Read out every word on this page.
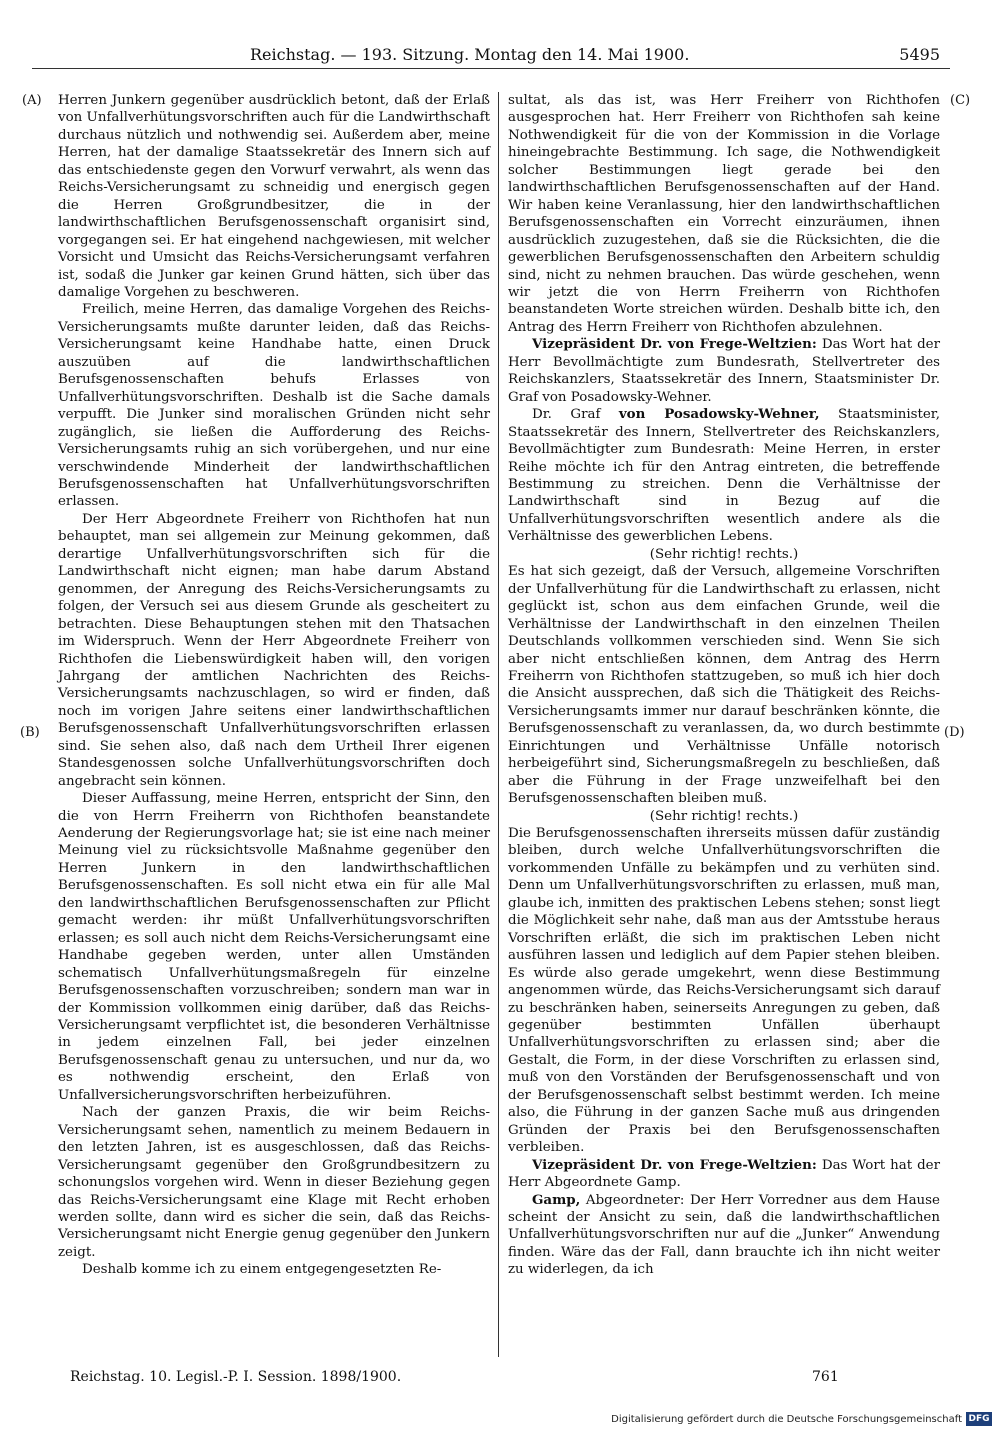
Reichstag. — 193. Sitzung. Montag den 14. Mai 1900.	5495
(A)
(B)
(C)
(D)

Herren Junkern gegenüber ausdrücklich betont, daß der Erlaß von Unfallverhütungsvorschriften auch für die Landwirthschaft durchaus nützlich und nothwendig sei. Außerdem aber, meine Herren, hat der damalige Staatssekretär des Innern sich auf das entschiedenste gegen den Vorwurf verwahrt, als wenn das Reichs-Versicherungsamt zu schneidig und energisch gegen die Herren Großgrundbesitzer, die in der landwirthschaftlichen Berufsgenossenschaft organisirt sind, vorgegangen sei. Er hat eingehend nachgewiesen, mit welcher Vorsicht und Umsicht das Reichs-Versicherungsamt verfahren ist, sodaß die Junker gar keinen Grund hätten, sich über das damalige Vorgehen zu beschweren.

Freilich, meine Herren, das damalige Vorgehen des Reichs-Versicherungsamts mußte darunter leiden, daß das Reichs-Versicherungsamt keine Handhabe hatte, einen Druck auszuüben auf die landwirthschaftlichen Berufsgenossenschaften behufs Erlasses von Unfallverhütungsvorschriften. Deshalb ist die Sache damals verpufft. Die Junker sind moralischen Gründen nicht sehr zugänglich, sie ließen die Aufforderung des Reichs-Versicherungsamts ruhig an sich vorübergehen, und nur eine verschwindende Minderheit der landwirthschaftlichen Berufsgenossenschaften hat Unfallverhütungsvorschriften erlassen.

Der Herr Abgeordnete Freiherr von Richthofen hat nun behauptet, man sei allgemein zur Meinung gekommen, daß derartige Unfallverhütungsvorschriften sich für die Landwirthschaft nicht eignen; man habe darum Abstand genommen, der Anregung des Reichs-Versicherungsamts zu folgen, der Versuch sei aus diesem Grunde als gescheitert zu betrachten. Diese Behauptungen stehen mit den Thatsachen im Widerspruch. Wenn der Herr Abgeordnete Freiherr von Richthofen die Liebenswürdigkeit haben will, den vorigen Jahrgang der amtlichen Nachrichten des Reichs-Versicherungsamts nachzuschlagen, so wird er finden, daß noch im vorigen Jahre seitens einer landwirthschaftlichen Berufsgenossenschaft Unfallverhütungsvorschriften erlassen sind. Sie sehen also, daß nach dem Urtheil Ihrer eigenen Standesgenossen solche Unfallverhütungsvorschriften doch angebracht sein können.

Dieser Auffassung, meine Herren, entspricht der Sinn, den die von Herrn Freiherrn von Richthofen beanstandete Aenderung der Regierungsvorlage hat; sie ist eine nach meiner Meinung viel zu rücksichtsvolle Maßnahme gegenüber den Herren Junkern in den landwirthschaftlichen Berufsgenossenschaften. Es soll nicht etwa ein für alle Mal den landwirthschaftlichen Berufsgenossenschaften zur Pflicht gemacht werden: ihr müßt Unfallverhütungsvorschriften erlassen; es soll auch nicht dem Reichs-Versicherungsamt eine Handhabe gegeben werden, unter allen Umständen schematisch Unfallverhütungsmaßregeln für einzelne Berufsgenossenschaften vorzuschreiben; sondern man war in der Kommission vollkommen einig darüber, daß das Reichs-Versicherungsamt verpflichtet ist, die besonderen Verhältnisse in jedem einzelnen Fall, bei jeder einzelnen Berufsgenossenschaft genau zu untersuchen, und nur da, wo es nothwendig erscheint, den Erlaß von Unfallversicherungsvorschriften herbeizuführen.

Nach der ganzen Praxis, die wir beim Reichs-Versicherungsamt sehen, namentlich zu meinem Bedauern in den letzten Jahren, ist es ausgeschlossen, daß das Reichs-Versicherungsamt gegenüber den Großgrundbesitzern zu schonungslos vorgehen wird. Wenn in dieser Beziehung gegen das Reichs-Versicherungsamt eine Klage mit Recht erhoben werden sollte, dann wird es sicher die sein, daß das Reichs-Versicherungsamt nicht Energie genug gegenüber den Junkern zeigt.

Deshalb komme ich zu einem entgegengesetzten Re-

sultat, als das ist, was Herr Freiherr von Richthofen ausgesprochen hat. Herr Freiherr von Richthofen sah keine Nothwendigkeit für die von der Kommission in die Vorlage hineingebrachte Bestimmung. Ich sage, die Nothwendigkeit solcher Bestimmungen liegt gerade bei den landwirthschaftlichen Berufsgenossenschaften auf der Hand. Wir haben keine Veranlassung, hier den landwirthschaftlichen Berufsgenossenschaften ein Vorrecht einzuräumen, ihnen ausdrücklich zuzugestehen, daß sie die Rücksichten, die die gewerblichen Berufsgenossenschaften den Arbeitern schuldig sind, nicht zu nehmen brauchen. Das würde geschehen, wenn wir jetzt die von Herrn Freiherrn von Richthofen beanstandeten Worte streichen würden. Deshalb bitte ich, den Antrag des Herrn Freiherr von Richthofen abzulehnen.

Vizepräsident Dr. von Frege-Weltzien: Das Wort hat der Herr Bevollmächtigte zum Bundesrath, Stellvertreter des Reichskanzlers, Staatssekretär des Innern, Staatsminister Dr. Graf von Posadowsky-Wehner.

Dr. Graf von Posadowsky-Wehner, Staatsminister, Staatssekretär des Innern, Stellvertreter des Reichskanzlers, Bevollmächtigter zum Bundesrath: Meine Herren, in erster Reihe möchte ich für den Antrag eintreten, die betreffende Bestimmung zu streichen. Denn die Verhältnisse der Landwirthschaft sind in Bezug auf die Unfallverhütungsvorschriften wesentlich andere als die Verhältnisse des gewerblichen Lebens.

(Sehr richtig! rechts.)

Es hat sich gezeigt, daß der Versuch, allgemeine Vorschriften der Unfallverhütung für die Landwirthschaft zu erlassen, nicht geglückt ist, schon aus dem einfachen Grunde, weil die Verhältnisse der Landwirthschaft in den einzelnen Theilen Deutschlands vollkommen verschieden sind. Wenn Sie sich aber nicht entschließen können, dem Antrag des Herrn Freiherrn von Richthofen stattzugeben, so muß ich hier doch die Ansicht aussprechen, daß sich die Thätigkeit des Reichs-Versicherungsamts immer nur darauf beschränken könnte, die Berufsgenossenschaft zu veranlassen, da, wo durch bestimmte Einrichtungen und Verhältnisse Unfälle notorisch herbeigeführt sind, Sicherungsmaßregeln zu beschließen, daß aber die Führung in der Frage unzweifelhaft bei den Berufsgenossenschaften bleiben muß.

(Sehr richtig! rechts.)

Die Berufsgenossenschaften ihrerseits müssen dafür zuständig bleiben, durch welche Unfallverhütungsvorschriften die vorkommenden Unfälle zu bekämpfen und zu verhüten sind. Denn um Unfallverhütungsvorschriften zu erlassen, muß man, glaube ich, inmitten des praktischen Lebens stehen; sonst liegt die Möglichkeit sehr nahe, daß man aus der Amtsstube heraus Vorschriften erläßt, die sich im praktischen Leben nicht ausführen lassen und lediglich auf dem Papier stehen bleiben. Es würde also gerade umgekehrt, wenn diese Bestimmung angenommen würde, das Reichs-Versicherungsamt sich darauf zu beschränken haben, seinerseits Anregungen zu geben, daß gegenüber bestimmten Unfällen überhaupt Unfallverhütungsvorschriften zu erlassen sind; aber die Gestalt, die Form, in der diese Vorschriften zu erlassen sind, muß von den Vorständen der Berufsgenossenschaft und von der Berufsgenossenschaft selbst bestimmt werden. Ich meine also, die Führung in der ganzen Sache muß aus dringenden Gründen der Praxis bei den Berufsgenossenschaften verbleiben.

Vizepräsident Dr. von Frege-Weltzien: Das Wort hat der Herr Abgeordnete Gamp.

Gamp, Abgeordneter: Der Herr Vorredner aus dem Hause scheint der Ansicht zu sein, daß die landwirthschaftlichen Unfallverhütungsvorschriften nur auf die „Junker“ Anwendung finden. Wäre das der Fall, dann brauchte ich ihn nicht weiter zu widerlegen, da ich

Reichstag. 10. Legisl.-P. I. Session. 1898/1900.	761
Digitalisierung gefördert durch die Deutsche Forschungsgemeinschaft DFG
